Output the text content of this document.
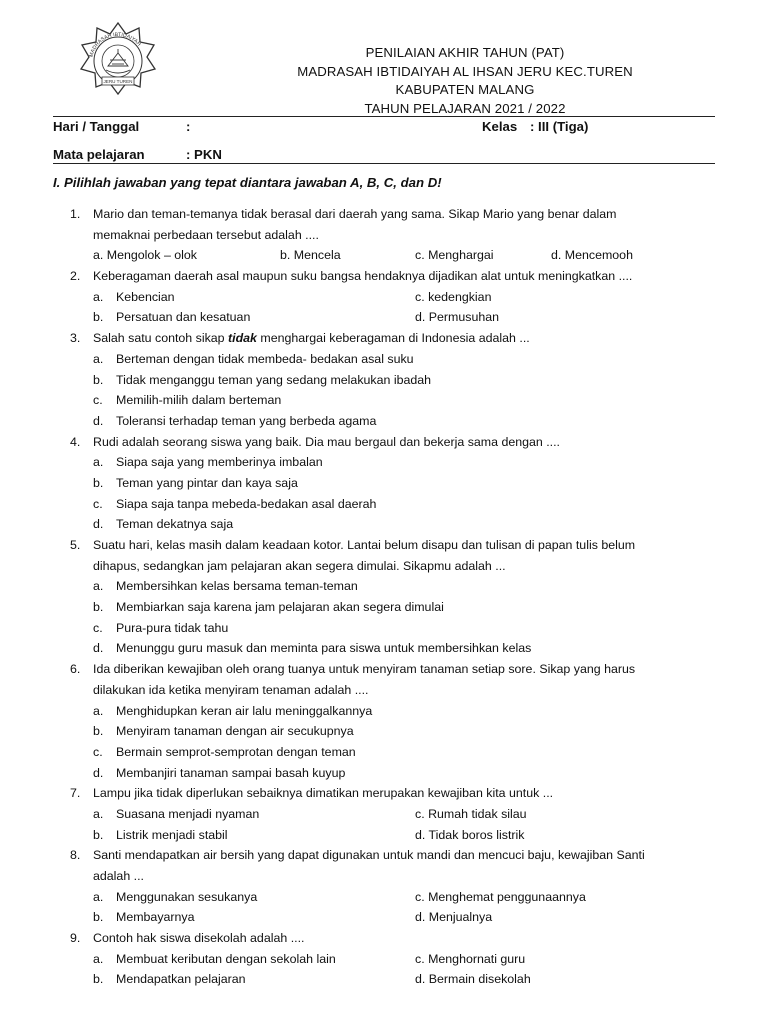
MADRASAH IBTIDAIYAH
JERU TUREN
PENILAIAN AKHIR TAHUN (PAT)
MADRASAH IBTIDAIYAH AL IHSAN JERU KEC.TUREN
KABUPATEN MALANG
TAHUN PELAJARAN 2021 / 2022
Hari / Tanggal	:	Kelas : III (Tiga)
Mata pelajaran	: PKN
I. Pilihlah jawaban yang tepat diantara jawaban A, B, C, dan D!
1. Mario dan teman-temanya tidak berasal dari daerah yang sama. Sikap Mario yang benar dalam
memaknai perbedaan tersebut adalah ....
a. Mengolok – olok	b. Mencela	c. Menghargai	d. Mencemooh
2. Keberagaman daerah asal maupun suku bangsa hendaknya dijadikan alat untuk meningkatkan ....
a. Kebencian	c. kedengkian
b. Persatuan dan kesatuan	d. Permusuhan
3. Salah satu contoh sikap tidak menghargai keberagaman di Indonesia adalah ...
a. Berteman dengan tidak membeda- bedakan asal suku
b. Tidak menganggu teman yang sedang melakukan ibadah
c. Memilih-milih dalam berteman
d. Toleransi terhadap teman yang berbeda agama
4. Rudi adalah seorang siswa yang baik. Dia mau bergaul dan bekerja sama dengan ....
a. Siapa saja yang memberinya imbalan
b. Teman yang pintar dan kaya saja
c. Siapa saja tanpa mebeda-bedakan asal daerah
d. Teman dekatnya saja
5. Suatu hari, kelas masih dalam keadaan kotor. Lantai belum disapu dan tulisan di papan tulis belum
dihapus, sedangkan jam pelajaran akan segera dimulai. Sikapmu adalah ...
a. Membersihkan kelas bersama teman-teman
b. Membiarkan saja karena jam pelajaran akan segera dimulai
c. Pura-pura tidak tahu
d. Menunggu guru masuk dan meminta para siswa untuk membersihkan kelas
6. Ida diberikan kewajiban oleh orang tuanya untuk menyiram tanaman setiap sore. Sikap yang harus
dilakukan ida ketika menyiram tenaman adalah ....
a. Menghidupkan keran air lalu meninggalkannya
b. Menyiram tanaman dengan air secukupnya
c. Bermain semprot-semprotan dengan teman
d. Membanjiri tanaman sampai basah kuyup
7. Lampu jika tidak diperlukan sebaiknya dimatikan merupakan kewajiban kita untuk ...
a. Suasana menjadi nyaman	c. Rumah tidak silau
b. Listrik menjadi stabil	d. Tidak boros listrik
8. Santi mendapatkan air bersih yang dapat digunakan untuk mandi dan mencuci baju, kewajiban Santi
adalah ...
a. Menggunakan sesukanya	c. Menghemat penggunaannya
b. Membayarnya	d. Menjualnya
9. Contoh hak siswa disekolah adalah ....
a. Membuat keributan dengan sekolah lain	c. Menghornati guru
b. Mendapatkan pelajaran	d. Bermain disekolah
